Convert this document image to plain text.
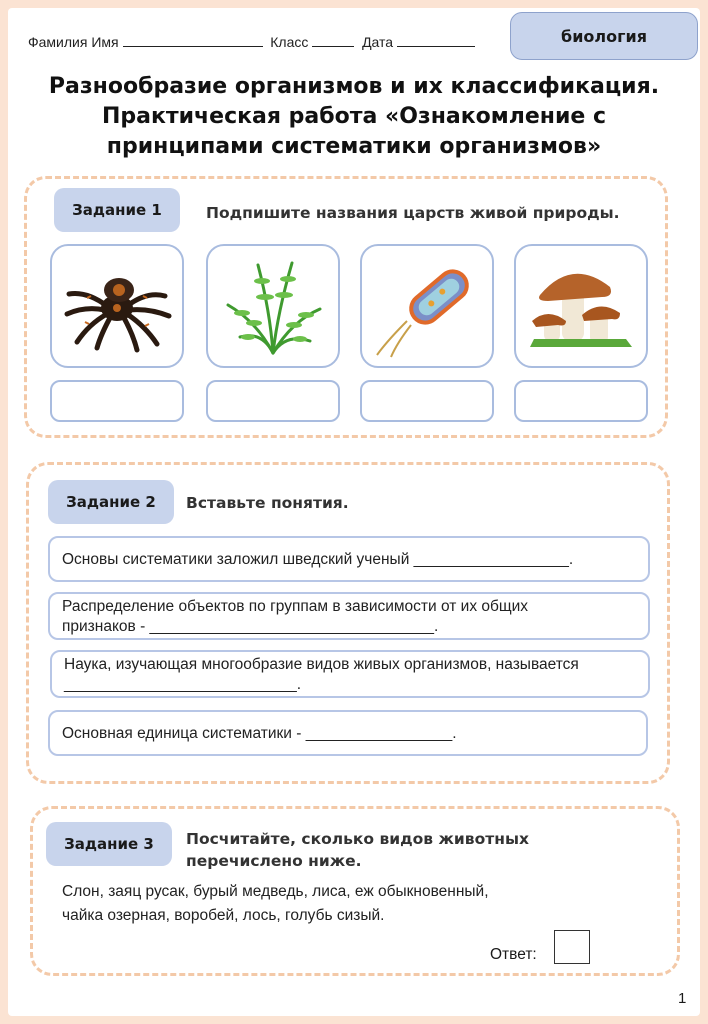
Фамилия Имя	Класс	Дата	биология
Разнообразие организмов и их классификация.
Практическая работа «Ознакомление с
принципами систематики организмов»
Задание 1	Подпишите названия царств живой природы.
Задание 2	Вставьте понятия.
Основы систематики заложил шведский ученый __________________.
Распределение объектов по группам в зависимости от их общих
признаков - _________________________________.
Наука, изучающая многообразие видов живых организмов, называется
___________________________.
Основная единица систематики - _________________.
Задание 3	Посчитайте, сколько видов животных
перечислено ниже.
Слон, заяц русак, бурый медведь, лиса, еж обыкновенный,
чайка озерная, воробей, лось, голубь сизый.
Ответ:
1
